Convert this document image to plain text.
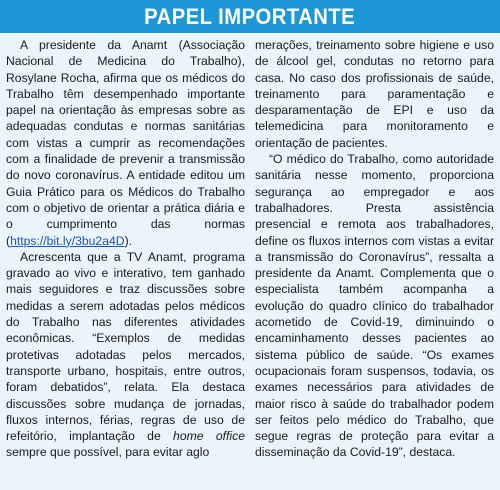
PAPEL IMPORTANTE

A presidente da Anamt (Associação Nacional de Medicina do Trabalho), Rosylane Rocha, afirma que os médicos do Trabalho têm desempenhado importante papel na orientação às empresas sobre as adequadas condutas e normas sanitárias com vistas a cumprir as recomendações com a finalidade de prevenir a transmissão do novo coronavírus. A entidade editou um Guia Prático para os Médicos do Trabalho com o objetivo de orientar a prática diária e o cumprimento das normas (https://bit.ly/3bu2a4D).

Acrescenta que a TV Anamt, programa gravado ao vivo e interativo, tem ganhado mais seguidores e traz discussões sobre medidas a serem adotadas pelos médicos do Trabalho nas diferentes atividades econômicas. “Exemplos de medidas protetivas adotadas pelos mercados, transporte urbano, hospitais, entre outros, foram debatidos”, relata. Ela destaca discussões sobre mudança de jornadas, fluxos internos, férias, regras de uso de refeitório, implantação de home office sempre que possível, para evitar aglo

merações, treinamento sobre higiene e uso de álcool gel, condutas no retorno para casa. No caso dos profissionais de saúde, treinamento para paramentação e desparamentação de EPI e uso da telemedicina para monitoramento e orientação de pacientes.

“O médico do Trabalho, como autoridade sanitária nesse momento, proporciona segurança ao empregador e aos trabalhadores. Presta assistência presencial e remota aos trabalhadores, define os fluxos internos com vistas a evitar a transmissão do Coronavírus”, ressalta a presidente da Anamt. Complementa que o especialista também acompanha a evolução do quadro clínico do trabalhador acometido de Covid-19, diminuindo o encaminhamento desses pacientes ao sistema público de saúde. “Os exames ocupacionais foram suspensos, todavia, os exames necessários para atividades de maior risco à saúde do trabalhador podem ser feitos pelo médico do Trabalho, que segue regras de proteção para evitar a disseminação da Covid-19”, destaca.
